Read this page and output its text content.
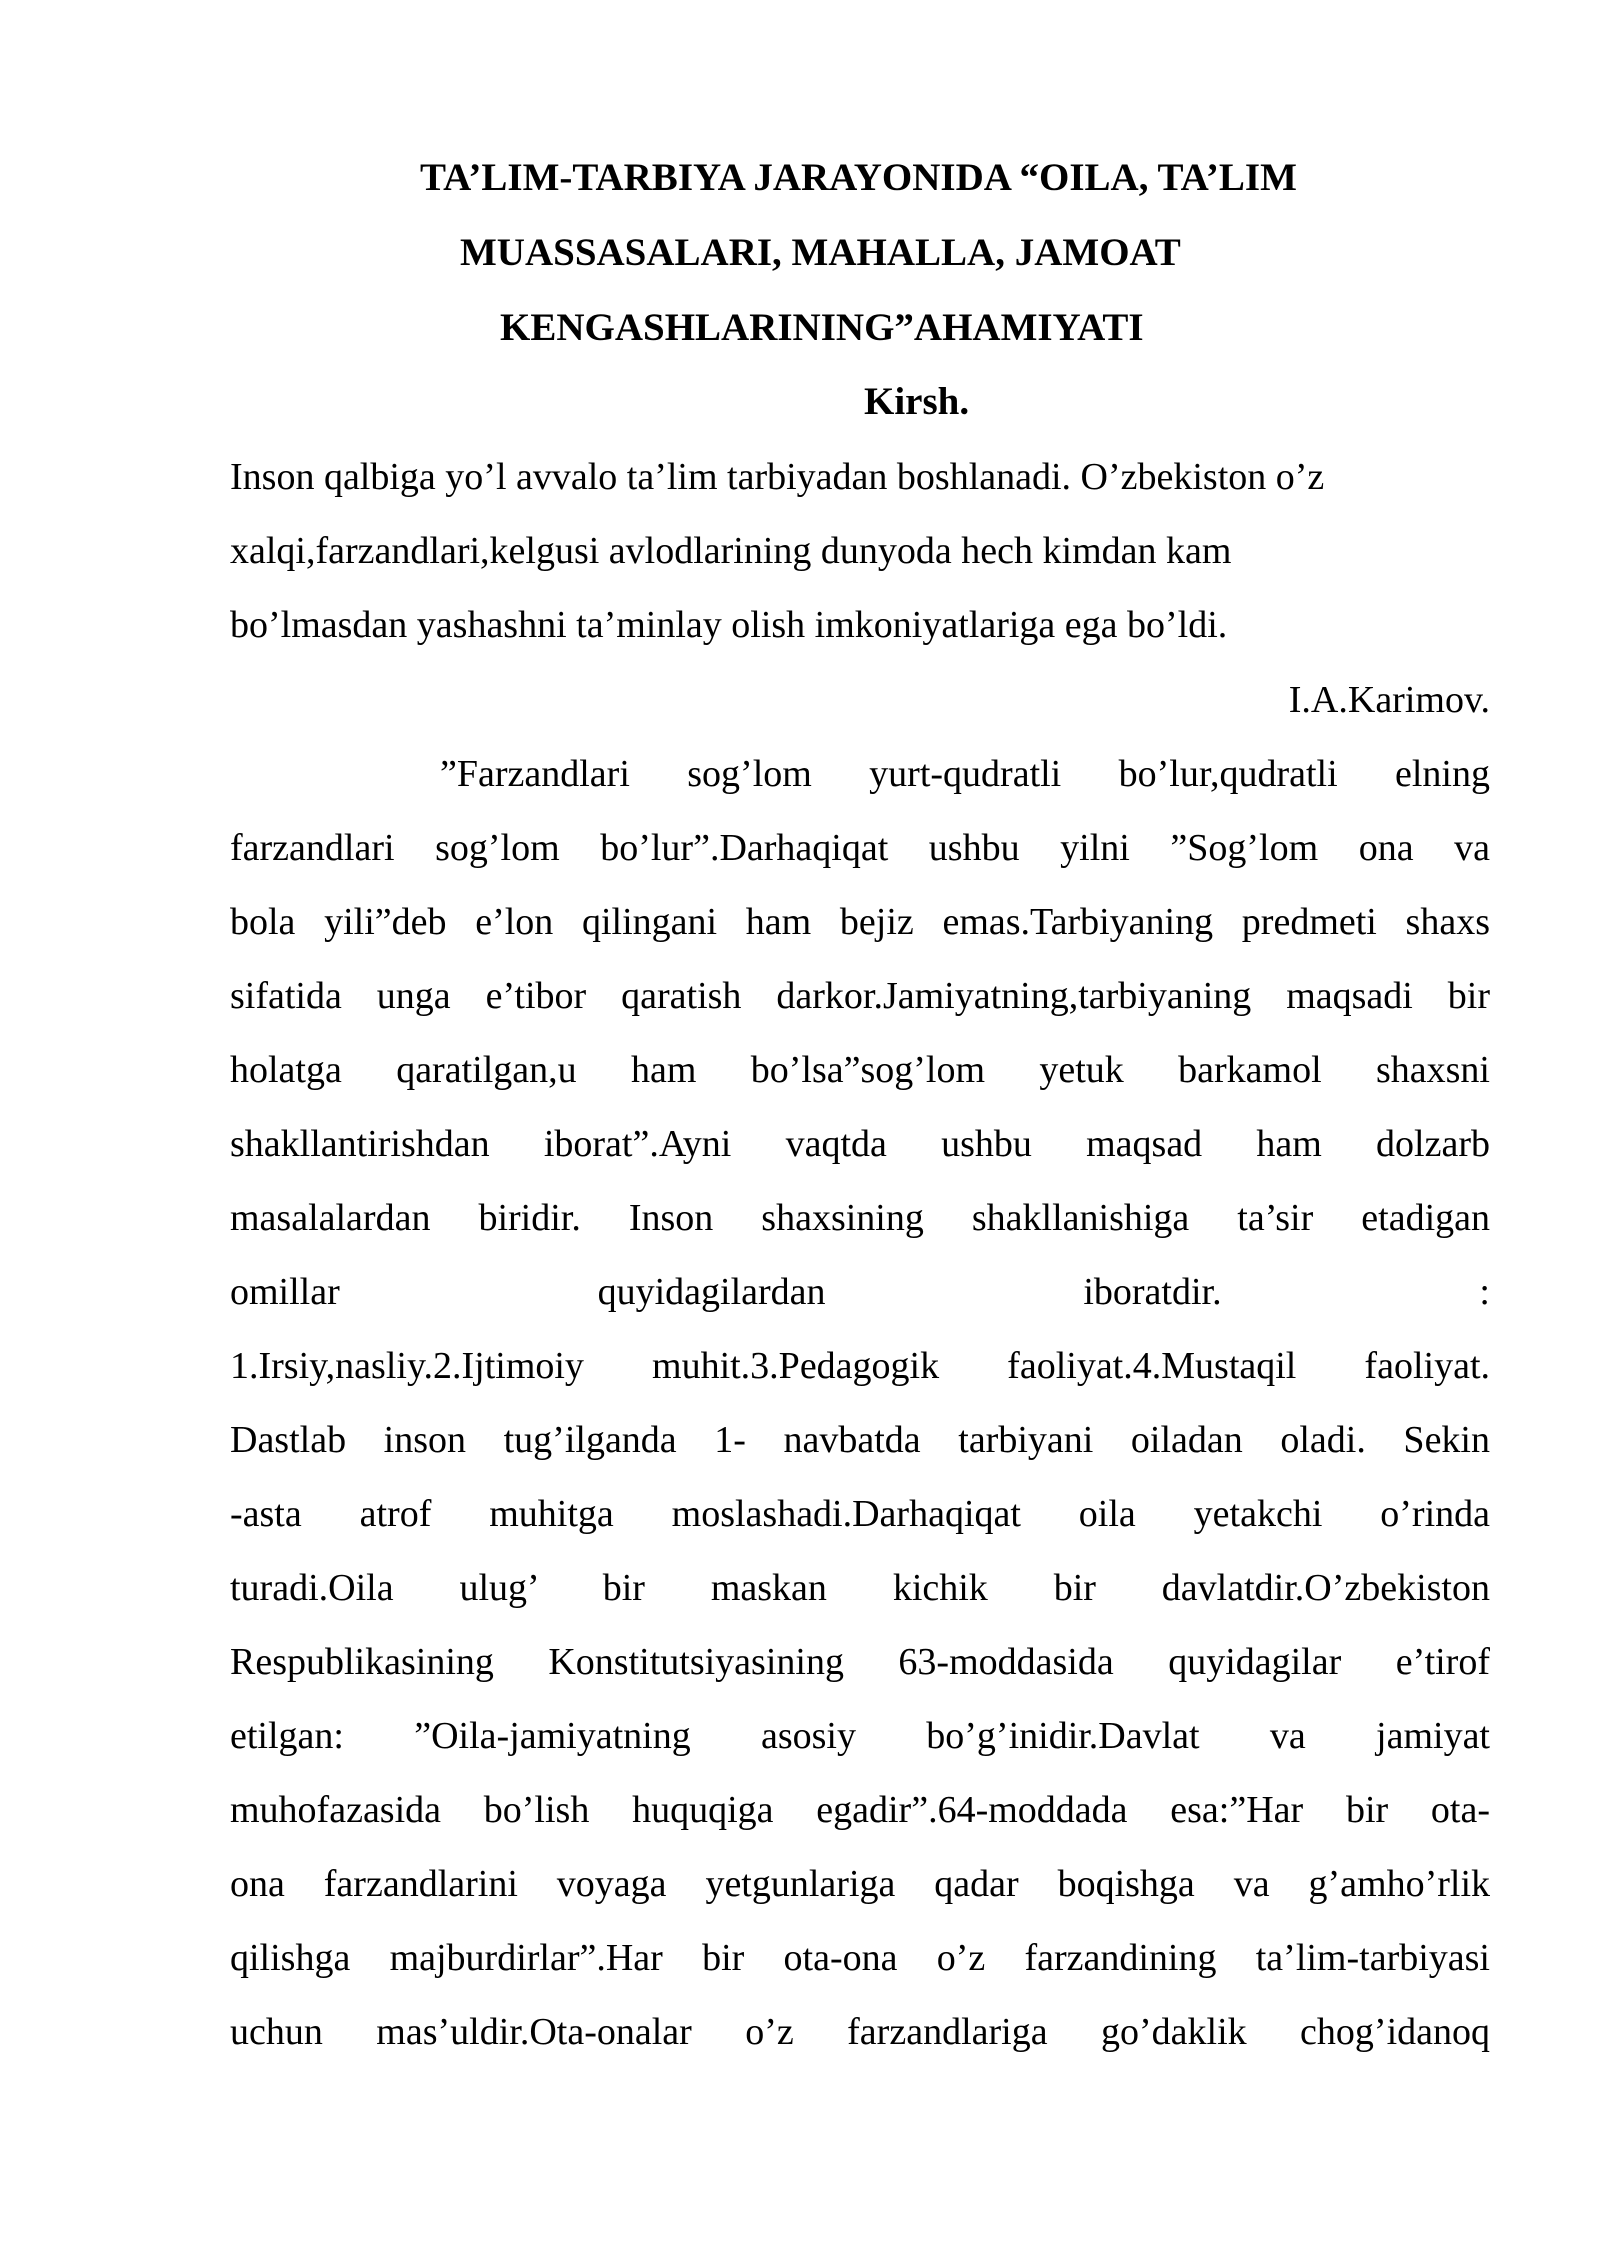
TA’LIM-TARBIYA JARAYONIDA “OILA, TA’LIM
MUASSASALARI, MAHALLA, JAMOAT
KENGASHLARINING”AHAMIYATI
Kirsh.
Inson qalbiga yo’l avvalo ta’lim tarbiyadan boshlanadi. O’zbekiston o’z
xalqi,farzandlari,kelgusi avlodlarining dunyoda hech kimdan kam
bo’lmasdan yashashni ta’minlay olish imkoniyatlariga ega bo’ldi.
I.A.Karimov.
”Farzandlari sog’lom yurt-qudratli bo’lur,qudratli elning
farzandlari sog’lom bo’lur”.Darhaqiqat ushbu yilni ”Sog’lom ona va
bola yili”deb e’lon qilingani ham bejiz emas.Tarbiyaning predmeti shaxs
sifatida unga e’tibor qaratish darkor.Jamiyatning,tarbiyaning maqsadi bir
holatga qaratilgan,u ham bo’lsa”sog’lom yetuk barkamol shaxsni
shakllantirishdan iborat”.Ayni vaqtda ushbu maqsad ham dolzarb
masalalardan biridir. Inson shaxsining shakllanishiga ta’sir etadigan
omillar quyidagilardan iboratdir. :
1.Irsiy,nasliy.2.Ijtimoiy muhit.3.Pedagogik faoliyat.4.Mustaqil faoliyat.
Dastlab inson tug’ilganda 1- navbatda tarbiyani oiladan oladi. Sekin
-asta atrof muhitga moslashadi.Darhaqiqat oila yetakchi o’rinda
turadi.Oila ulug’ bir maskan kichik bir davlatdir.O’zbekiston
Respublikasining Konstitutsiyasining 63-moddasida quyidagilar e’tirof
etilgan: ”Oila-jamiyatning asosiy bo’g’inidir.Davlat va jamiyat
muhofazasida bo’lish huquqiga egadir”.64-moddada esa:”Har bir ota-
ona farzandlarini voyaga yetgunlariga qadar boqishga va g’amho’rlik
qilishga majburdirlar”.Har bir ota-ona o’z farzandining ta’lim-tarbiyasi
uchun mas’uldir.Ota-onalar o’z farzandlariga go’daklik chog’idanoq
